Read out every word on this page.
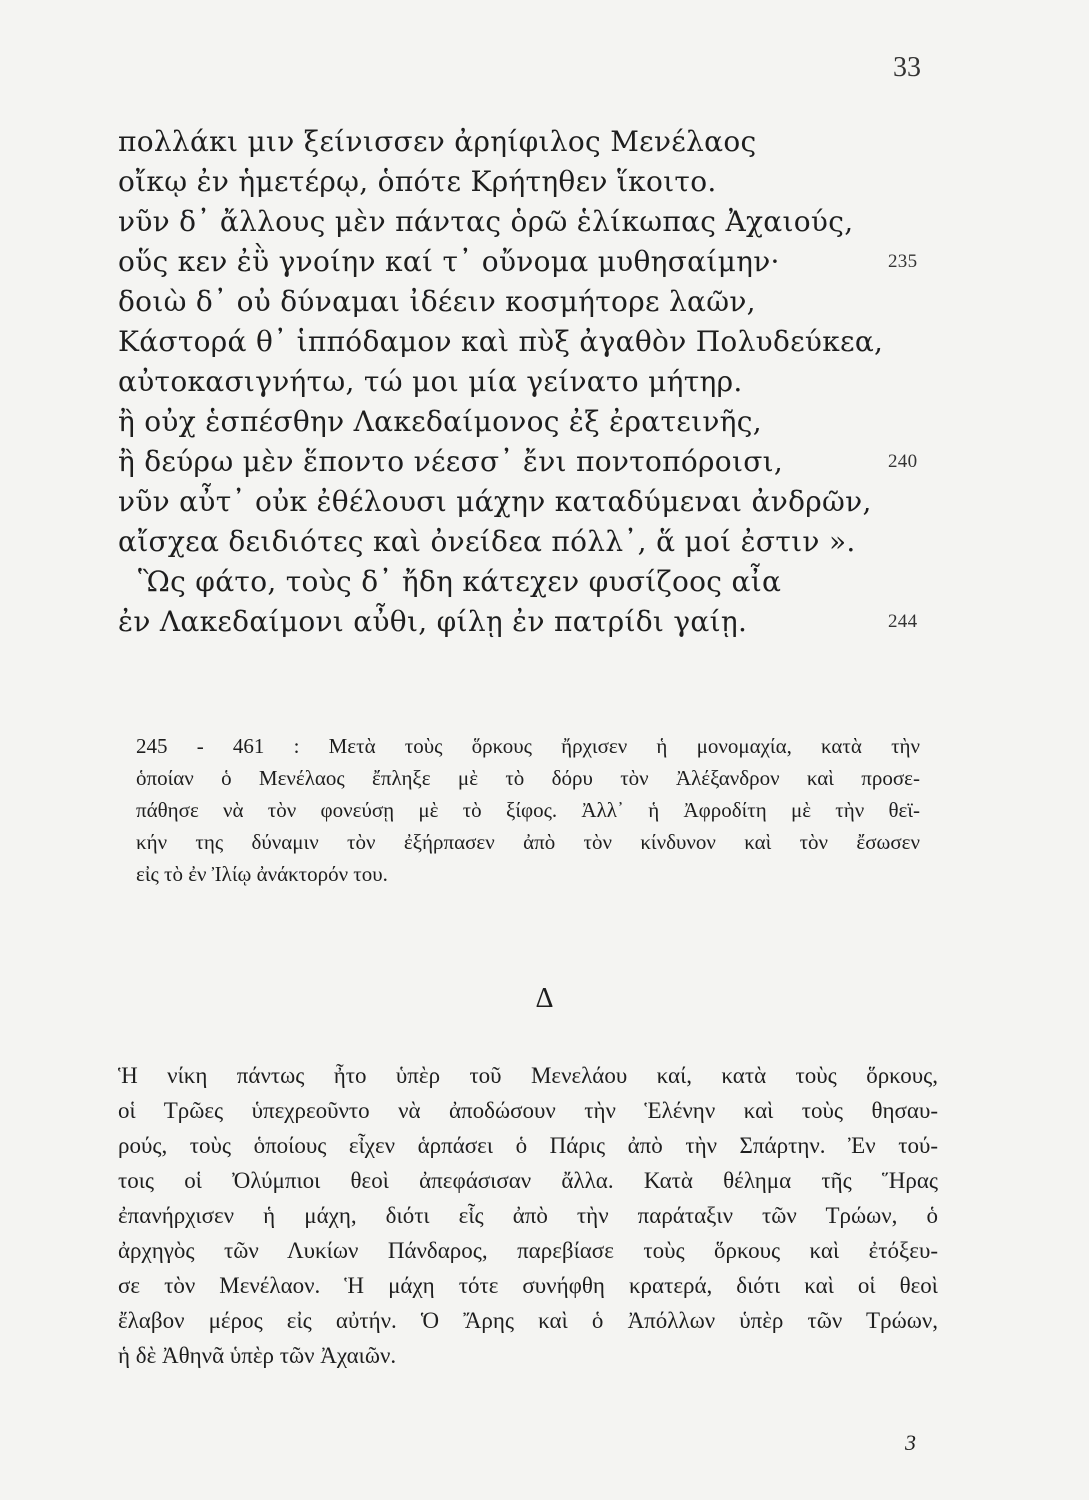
33
πολλάκι μιν ξείνισσεν ἀρηίφιλος Μενέλαος
οἴκῳ ἐν ἡμετέρῳ, ὁπότε Κρήτηθεν ἵκοιτο.
νῦν δ᾽ ἄλλους μὲν πάντας ὁρῶ ἑλίκωπας Ἀχαιούς,
οὕς κεν ἐῢ γνοίην καί τ᾽ οὔνομα μυθησαίμην·	235
δοιὼ δ᾽ οὐ δύναμαι ἰδέειν κοσμήτορε λαῶν,
Κάστορά θ᾽ ἱππόδαμον καὶ πὺξ ἀγαθὸν Πολυδεύκεα,
αὐτοκασιγνήτω, τώ μοι μία γείνατο μήτηρ.
ἢ οὐχ ἑσπέσθην Λακεδαίμονος ἐξ ἐρατεινῆς,
ἢ δεύρω μὲν ἕποντο νέεσσ᾽ ἔνι ποντοπόροισι,	240
νῦν αὖτ᾽ οὐκ ἐθέλουσι μάχην καταδύμεναι ἀνδρῶν,
αἴσχεα δειδιότες καὶ ὀνείδεα πόλλ᾽, ἅ μοί ἐστιν ».
Ὣς φάτο, τοὺς δ᾽ ἤδη κάτεχεν φυσίζοος αἶα
ἐν Λακεδαίμονι αὖθι, φίλῃ ἐν πατρίδι γαίῃ.	244
245 - 461 : Μετὰ τοὺς ὅρκους ἤρχισεν ἡ μονομαχία, κατὰ τὴν
ὁποίαν ὁ Μενέλαος ἔπληξε μὲ τὸ δόρυ τὸν Ἀλέξανδρον καὶ προσε-
πάθησε νὰ τὸν φονεύσῃ μὲ τὸ ξίφος. Ἀλλ᾽ ἡ Ἀφροδίτη μὲ τὴν θεϊ-
κήν της δύναμιν τὸν ἐξήρπασεν ἀπὸ τὸν κίνδυνον καὶ τὸν ἔσωσεν
εἰς τὸ ἐν Ἰλίῳ ἀνάκτορόν του.
Δ
Ἡ νίκη πάντως ἦτο ὑπὲρ τοῦ Μενελάου καί, κατὰ τοὺς ὅρκους,
οἱ Τρῶες ὑπεχρεοῦντο νὰ ἀποδώσουν τὴν Ἑλένην καὶ τοὺς θησαυ-
ρούς, τοὺς ὁποίους εἶχεν ἁρπάσει ὁ Πάρις ἀπὸ τὴν Σπάρτην. Ἐν τού-
τοις οἱ Ὀλύμπιοι θεοὶ ἀπεφάσισαν ἄλλα. Κατὰ θέλημα τῆς Ἥρας
ἐπανήρχισεν ἡ μάχη, διότι εἷς ἀπὸ τὴν παράταξιν τῶν Τρώων, ὁ
ἀρχηγὸς τῶν Λυκίων Πάνδαρος, παρεβίασε τοὺς ὅρκους καὶ ἐτόξευ-
σε τὸν Μενέλαον. Ἡ μάχη τότε συνήφθη κρατερά, διότι καὶ οἱ θεοὶ
ἔλαβον μέρος εἰς αὐτήν. Ὁ Ἄρης καὶ ὁ Ἀπόλλων ὑπὲρ τῶν Τρώων,
ἡ δὲ Ἀθηνᾶ ὑπὲρ τῶν Ἀχαιῶν.
3
